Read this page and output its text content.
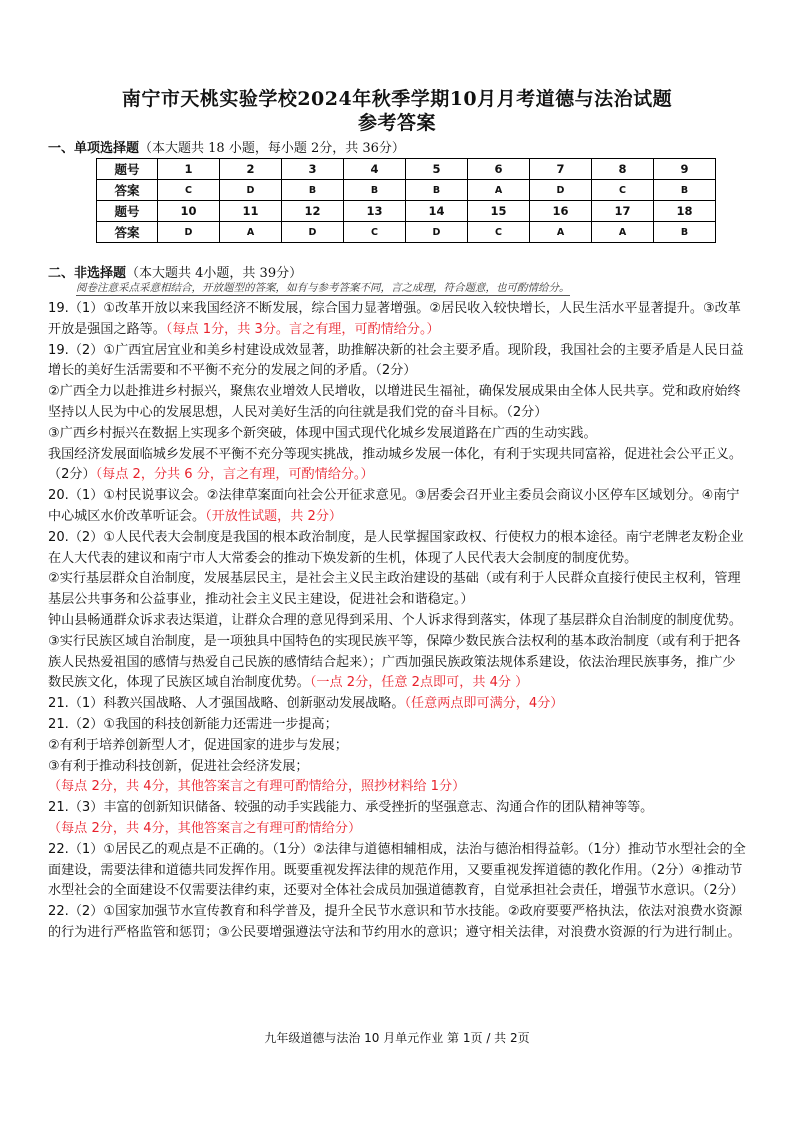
南宁市天桃实验学校2024年秋季学期10月月考道德与法治试题
参考答案
一、单项选择题（本大题共 18 小题，每小题 2分，共 36分）
题号	1	2	3	4	5	6	7	8	9
答案	C	D	B	B	B	A	D	C	B
题号	10	11	12	13	14	15	16	17	18
答案	D	A	D	C	D	C	A	A	B
二、非选择题（本大题共 4小题，共 39分）
阅卷注意采点采意相结合，开放题型的答案，如有与参考答案不同，言之成理，符合题意，也可酌情给分。

19.（1）①改革开放以来我国经济不断发展，综合国力显著增强。②居民收入较快增长，人民生活水平显著提升。③改革开放是强国之路等。（每点 1分，共 3分。言之有理，可酌情给分。）

19.（2）①广西宜居宜业和美乡村建设成效显著，助推解决新的社会主要矛盾。现阶段，我国社会的主要矛盾是人民日益增长的美好生活需要和不平衡不充分的发展之间的矛盾。（2分）

②广西全力以赴推进乡村振兴，聚焦农业增效人民增收，以增进民生福祉，确保发展成果由全体人民共享。党和政府始终坚持以人民为中心的发展思想，人民对美好生活的向往就是我们党的奋斗目标。（2分）

③广西乡村振兴在数据上实现多个新突破，体现中国式现代化城乡发展道路在广西的生动实践。

我国经济发展面临城乡发展不平衡不充分等现实挑战，推动城乡发展一体化，有利于实现共同富裕，促进社会公平正义。（2分）（每点 2，分共 6 分，言之有理，可酌情给分。）

20.（1）①村民说事议会。②法律草案面向社会公开征求意见。③居委会召开业主委员会商议小区停车区域划分。④南宁中心城区水价改革听证会。（开放性试题，共 2分）

20.（2）①人民代表大会制度是我国的根本政治制度，是人民掌握国家政权、行使权力的根本途径。南宁老牌老友粉企业在人大代表的建议和南宁市人大常委会的推动下焕发新的生机，体现了人民代表大会制度的制度优势。

②实行基层群众自治制度，发展基层民主，是社会主义民主政治建设的基础（或有利于人民群众直接行使民主权利，管理基层公共事务和公益事业，推动社会主义民主建设，促进社会和谐稳定。）

钟山县畅通群众诉求表达渠道，让群众合理的意见得到采用、个人诉求得到落实，体现了基层群众自治制度的制度优势。

③实行民族区域自治制度，是一项独具中国特色的实现民族平等，保障少数民族合法权利的基本政治制度（或有利于把各族人民热爱祖国的感情与热爱自己民族的感情结合起来）；广西加强民族政策法规体系建设，依法治理民族事务，推广少数民族文化，体现了民族区域自治制度优势。（一点 2分，任意 2点即可，共 4分 ）

21.（1）科教兴国战略、人才强国战略、创新驱动发展战略。（任意两点即可满分，4分）

21.（2）①我国的科技创新能力还需进一步提高；

②有利于培养创新型人才，促进国家的进步与发展；

③有利于推动科技创新，促进社会经济发展；

（每点 2分，共 4分，其他答案言之有理可酌情给分，照抄材料给 1分）

21.（3）丰富的创新知识储备、较强的动手实践能力、承受挫折的坚强意志、沟通合作的团队精神等等。

（每点 2分，共 4分，其他答案言之有理可酌情给分）

22.（1）①居民乙的观点是不正确的。（1分）②法律与道德相辅相成，法治与德治相得益彰。（1分）推动节水型社会的全面建设，需要法律和道德共同发挥作用。既要重视发挥法律的规范作用，又要重视发挥道德的教化作用。（2分）④推动节水型社会的全面建设不仅需要法律约束，还要对全体社会成员加强道德教育，自觉承担社会责任，增强节水意识。（2分）

22.（2）①国家加强节水宣传教育和科学普及，提升全民节水意识和节水技能。②政府要要严格执法，依法对浪费水资源的行为进行严格监管和惩罚；③公民要增强遵法守法和节约用水的意识；遵守相关法律，对浪费水资源的行为进行制止。

九年级道德与法治 10 月单元作业 第 1页 / 共 2页
